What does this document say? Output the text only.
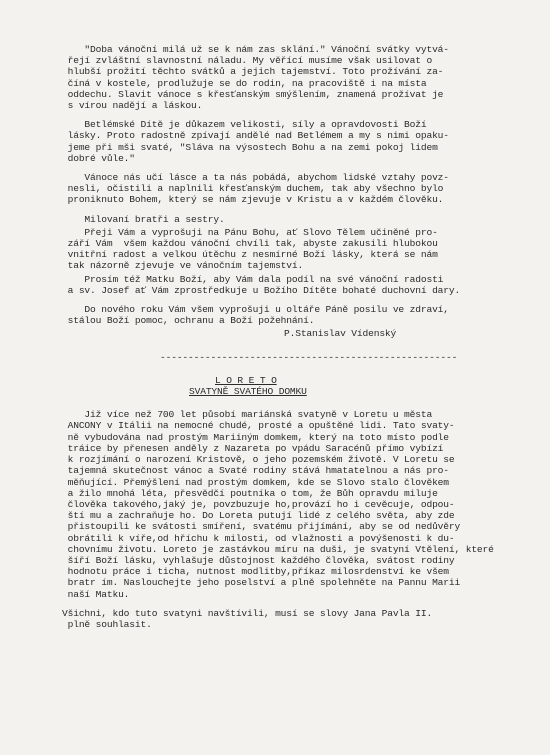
"Doba vánoční milá už se k nám zas sklání." Vánoční svátky vytvá-
řejí zvláštní slavnostní náladu. My věřící musíme však usilovat o
hlubší prožití těchto svátků a jejich tajemství. Toto prožívání za-
číná v kostele, prodlužuje se do rodin, na pracoviště i na místa
oddechu. Slavit vánoce s křesťanským smýšlením, znamená prožívat je
s vírou nadějí a láskou.

Betlémské Dítě je důkazem velikosti, síly a opravdovosti Boží
lásky. Proto radostně zpívají andělé nad Betlémem a my s nimi opaku-
jeme při mši svaté, "Sláva na výsostech Bohu a na zemi pokoj lidem
dobré vůle."

Vánoce nás učí lásce a ta nás pobádá, abychom lidské vztahy povz-
nesli, očistili a naplnili křesťanským duchem, tak aby všechno bylo
proniknuto Bohem, který se nám zjevuje v Kristu a v každém člověku.

Milovaní bratři a sestry.

Přeji Vám a vyprošuji na Pánu Bohu, ať Slovo Tělem učiněné pro-
září Vám  všem každou vánoční chvíli tak, abyste zakusili hlubokou
vnitřní radost a velkou útěchu z nesmírné Boží lásky, která se nám
tak názorně zjevuje ve vánočním tajemství.

Prosím též Matku Boží, aby Vám dala podíl na své vánoční radosti
a sv. Josef ať Vám zprostředkuje u Božího Dítěte bohaté duchovní dary.

Do nového roku Vám všem vyprošuji u oltáře Páně posilu ve zdraví,
stálou Boží pomoc, ochranu a Boží požehnání.

P.Stanislav Vídenský
-----------------------------------------------------
L O R E T O
SVATYNĚ SVATÉHO DOMKU

Již více než 700 let působí mariánská svatyně v Loretu u města
ANCONY v Itálii na nemocné chudé, prosté a opuštěné lidi. Tato svaty-
ně vybudována nad prostým Mariiným domkem, který na toto místo podle
tráice by přenesen anděly z Nazareta po vpádu Saracénů přímo vybízí
k rozjímání o narození Kristově, o jeho pozemském životě. V Loretu se
tajemná skutečnost vánoc a Svaté rodiny stává hmatatelnou a nás pro-
měňující. Přemýšlení nad prostým domkem, kde se Slovo stalo člověkem
a žilo mnohá léta, přesvědčí poutníka o tom, že Bůh opravdu miluje
člověka takového,jaký je, povzbuzuje ho,provází ho i cevěcuje, odpou-
ští mu a zachraňuje ho. Do Loreta putují lidé z celého světa, aby zde
přistoupili ke svátosti smíření, svatému přijímání, aby se od nedůvěry
obrátili k víře,od hříchu k milosti, od vlažnosti a povýšenosti k du-
chovnímu životu. Loreto je zastávkou míru na duši, je svatyní Vtělení, které
šíří Boží lásku, vyhlašuje důstojnost každého člověka, svátost rodiny
hodnotu práce i ticha, nutnost modlitby,příkaz milosrdenství ke všem
bratr ím. Naslouchejte jeho poselství a plně spolehněte na Pannu Marii
naší Matku.

Všichni, kdo tuto svatyni navštívili, musí se slovy Jana Pavla II.
plně souhlasit.
